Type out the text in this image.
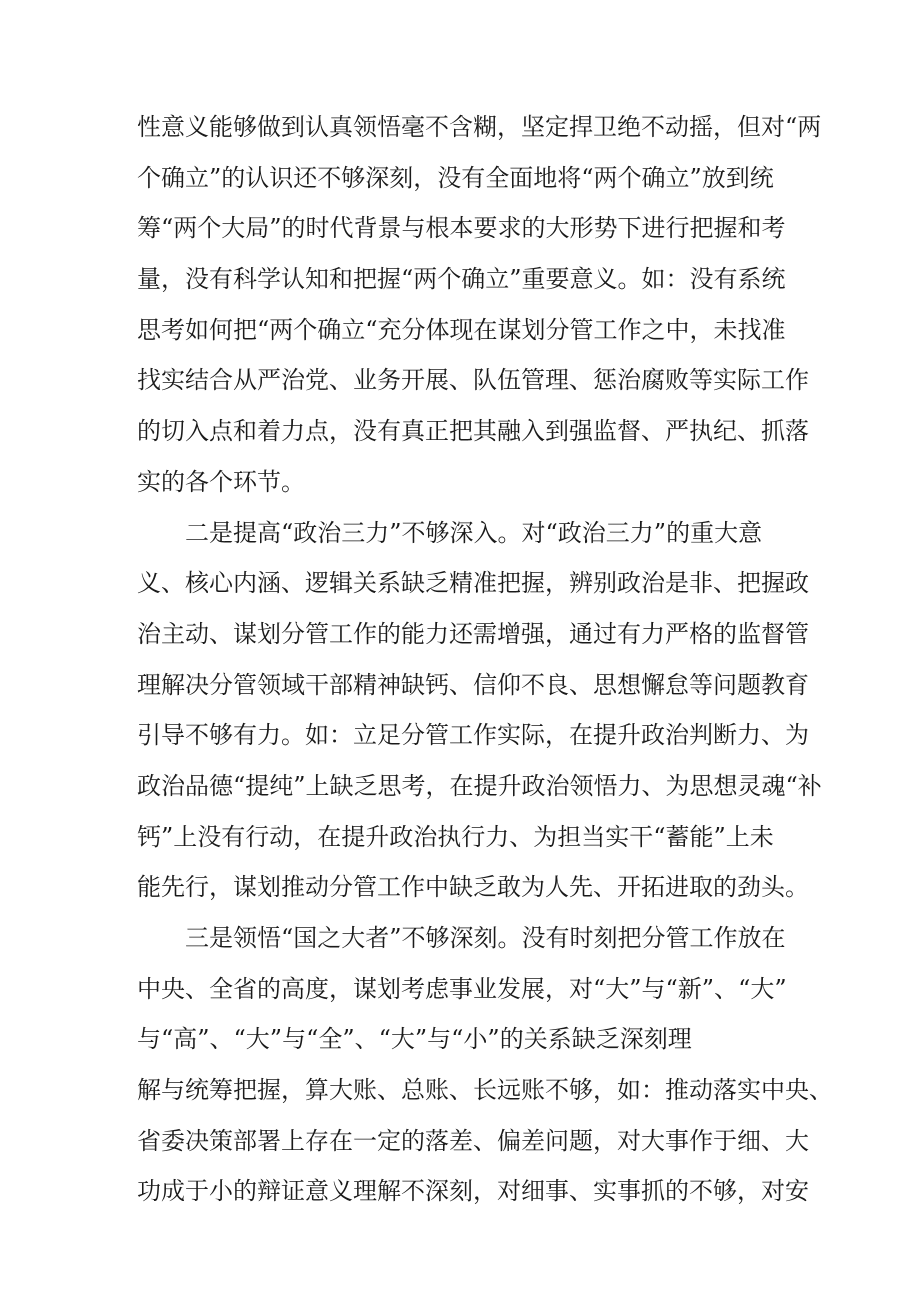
性意义能够做到认真领悟毫不含糊，坚定捍卫绝不动摇，但对“两
个确立”的认识还不够深刻，没有全面地将“两个确立”放到统
筹“两个大局”的时代背景与根本要求的大形势下进行把握和考
量，没有科学认知和把握“两个确立”重要意义。如：没有系统
思考如何把“两个确立“充分体现在谋划分管工作之中，未找准
找实结合从严治党、业务开展、队伍管理、惩治腐败等实际工作
的切入点和着力点，没有真正把其融入到强监督、严执纪、抓落
实的各个环节。
二是提高“政治三力”不够深入。对“政治三力”的重大意
义、核心内涵、逻辑关系缺乏精准把握，辨别政治是非、把握政
治主动、谋划分管工作的能力还需增强，通过有力严格的监督管
理解决分管领域干部精神缺钙、信仰不良、思想懈怠等问题教育
引导不够有力。如：立足分管工作实际，在提升政治判断力、为
政治品德“提纯”上缺乏思考，在提升政治领悟力、为思想灵魂“补
钙”上没有行动，在提升政治执行力、为担当实干“蓄能”上未
能先行，谋划推动分管工作中缺乏敢为人先、开拓进取的劲头。
三是领悟“国之大者”不够深刻。没有时刻把分管工作放在
中央、全省的高度，谋划考虑事业发展，对“大”与“新”、“大”
与“高”、“大”与“全”、“大”与“小”的关系缺乏深刻理
解与统筹把握，算大账、总账、长远账不够，如：推动落实中央、
省委决策部署上存在一定的落差、偏差问题，对大事作于细、大
功成于小的辩证意义理解不深刻，对细事、实事抓的不够，对安
